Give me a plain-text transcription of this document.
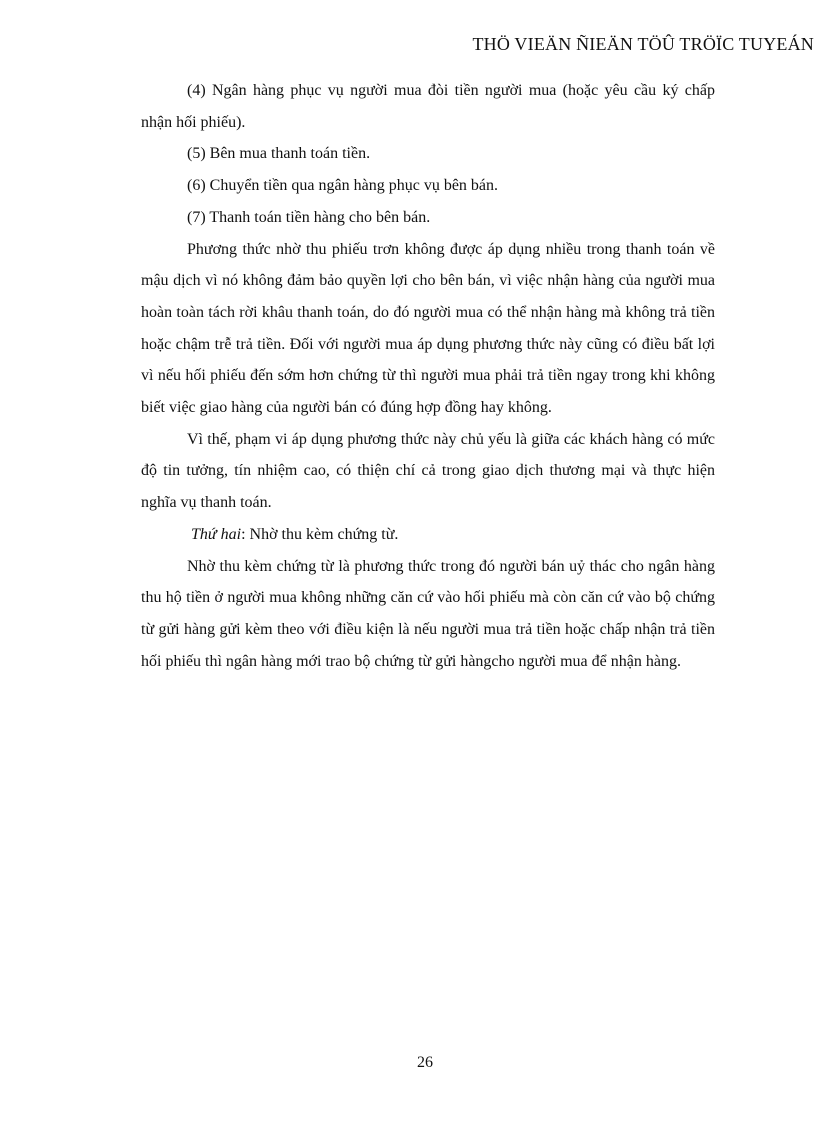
THÖ VIEÄN ÑIEÄN TÖÛ TRÖÏC TUYEÁN

(4) Ngân hàng phục vụ người mua đòi tiền người mua (hoặc yêu cầu ký chấp nhận hối phiếu).

(5) Bên mua thanh toán tiền.

(6) Chuyển tiền qua ngân hàng phục vụ bên bán.

(7) Thanh toán tiền hàng cho bên bán.

Phương thức nhờ thu phiếu trơn không được áp dụng nhiều trong thanh toán về mậu dịch vì nó không đảm bảo quyền lợi cho bên bán, vì việc nhận hàng của người mua hoàn toàn tách rời khâu thanh toán, do đó người mua có thể nhận hàng mà không trả tiền hoặc chậm trễ trả tiền. Đối với người mua áp dụng phương thức này cũng có điều bất lợi vì nếu hối phiếu đến sớm hơn chứng từ thì người mua phải trả tiền ngay trong khi không biết việc giao hàng của người bán có đúng hợp đồng hay không.

Vì thế, phạm vi áp dụng phương thức này chủ yếu là giữa các khách hàng có mức độ tin tưởng, tín nhiệm cao, có thiện chí cả trong giao dịch thương mại và thực hiện nghĩa vụ thanh toán.

Thứ hai: Nhờ thu kèm chứng từ.

Nhờ thu kèm chứng từ là phương thức trong đó người bán uỷ thác cho ngân hàng thu hộ tiền ở người mua không những căn cứ vào hối phiếu mà còn căn cứ vào bộ chứng từ gửi hàng gửi kèm theo với điều kiện là nếu người mua trả tiền hoặc chấp nhận trả tiền hối phiếu thì ngân hàng mới trao bộ chứng từ gửi hàngcho người mua để nhận hàng.

26
